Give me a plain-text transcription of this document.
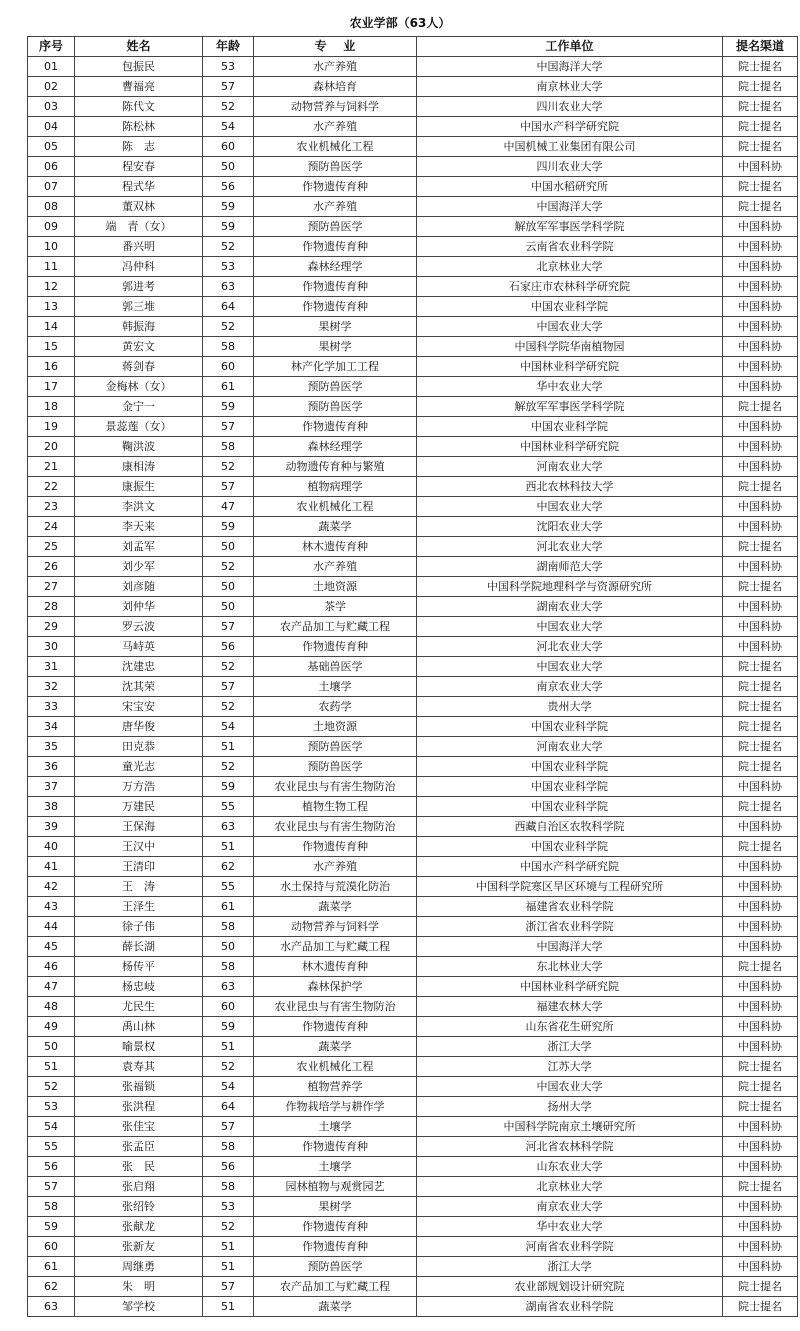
农业学部（63人）
序号	姓名	年龄	专    业	工作单位	提名渠道
01	包振民	53	水产养殖	中国海洋大学	院士提名
02	曹福亮	57	森林培育	南京林业大学	院士提名
03	陈代文	52	动物营养与饲料学	四川农业大学	院士提名
04	陈松林	54	水产养殖	中国水产科学研究院	院士提名
05	陈　志	60	农业机械化工程	中国机械工业集团有限公司	院士提名
06	程安春	50	预防兽医学	四川农业大学	中国科协
07	程式华	56	作物遗传育种	中国水稻研究所	院士提名
08	董双林	59	水产养殖	中国海洋大学	院士提名
09	端　青（女）	59	预防兽医学	解放军军事医学科学院	中国科协
10	番兴明	52	作物遗传育种	云南省农业科学院	中国科协
11	冯仲科	53	森林经理学	北京林业大学	中国科协
12	郭进考	63	作物遗传育种	石家庄市农林科学研究院	中国科协
13	郭三堆	64	作物遗传育种	中国农业科学院	中国科协
14	韩振海	52	果树学	中国农业大学	中国科协
15	黄宏文	58	果树学	中国科学院华南植物园	中国科协
16	蒋剑春	60	林产化学加工工程	中国林业科学研究院	中国科协
17	金梅林（女）	61	预防兽医学	华中农业大学	中国科协
18	金宁一	59	预防兽医学	解放军军事医学科学院	院士提名
19	景蕊莲（女）	57	作物遗传育种	中国农业科学院	中国科协
20	鞠洪波	58	森林经理学	中国林业科学研究院	中国科协
21	康相涛	52	动物遗传育种与繁殖	河南农业大学	中国科协
22	康振生	57	植物病理学	西北农林科技大学	院士提名
23	李洪文	47	农业机械化工程	中国农业大学	中国科协
24	李天来	59	蔬菜学	沈阳农业大学	中国科协
25	刘孟军	50	林木遗传育种	河北农业大学	院士提名
26	刘少军	52	水产养殖	湖南师范大学	中国科协
27	刘彦随	50	土地资源	中国科学院地理科学与资源研究所	院士提名
28	刘仲华	50	茶学	湖南农业大学	中国科协
29	罗云波	57	农产品加工与贮藏工程	中国农业大学	中国科协
30	马峙英	56	作物遗传育种	河北农业大学	中国科协
31	沈建忠	52	基础兽医学	中国农业大学	院士提名
32	沈其荣	57	土壤学	南京农业大学	院士提名
33	宋宝安	52	农药学	贵州大学	院士提名
34	唐华俊	54	土地资源	中国农业科学院	院士提名
35	田克恭	51	预防兽医学	河南农业大学	院士提名
36	童光志	52	预防兽医学	中国农业科学院	院士提名
37	万方浩	59	农业昆虫与有害生物防治	中国农业科学院	中国科协
38	万建民	55	植物生物工程	中国农业科学院	院士提名
39	王保海	63	农业昆虫与有害生物防治	西藏自治区农牧科学院	中国科协
40	王汉中	51	作物遗传育种	中国农业科学院	院士提名
41	王清印	62	水产养殖	中国水产科学研究院	中国科协
42	王　涛	55	水土保持与荒漠化防治	中国科学院寒区旱区环境与工程研究所	中国科协
43	王泽生	61	蔬菜学	福建省农业科学院	中国科协
44	徐子伟	58	动物营养与饲料学	浙江省农业科学院	中国科协
45	薛长湖	50	水产品加工与贮藏工程	中国海洋大学	中国科协
46	杨传平	58	林木遗传育种	东北林业大学	院士提名
47	杨忠岐	63	森林保护学	中国林业科学研究院	中国科协
48	尤民生	60	农业昆虫与有害生物防治	福建农林大学	中国科协
49	禹山林	59	作物遗传育种	山东省花生研究所	中国科协
50	喻景权	51	蔬菜学	浙江大学	中国科协
51	袁寿其	52	农业机械化工程	江苏大学	院士提名
52	张福锁	54	植物营养学	中国农业大学	院士提名
53	张洪程	64	作物栽培学与耕作学	扬州大学	院士提名
54	张佳宝	57	土壤学	中国科学院南京土壤研究所	中国科协
55	张孟臣	58	作物遗传育种	河北省农林科学院	中国科协
56	张　民	56	土壤学	山东农业大学	中国科协
57	张启翔	58	园林植物与观赏园艺	北京林业大学	院士提名
58	张绍铃	53	果树学	南京农业大学	中国科协
59	张献龙	52	作物遗传育种	华中农业大学	中国科协
60	张新友	51	作物遗传育种	河南省农业科学院	中国科协
61	周继勇	51	预防兽医学	浙江大学	中国科协
62	朱　明	57	农产品加工与贮藏工程	农业部规划设计研究院	院士提名
63	邹学校	51	蔬菜学	湖南省农业科学院	院士提名
